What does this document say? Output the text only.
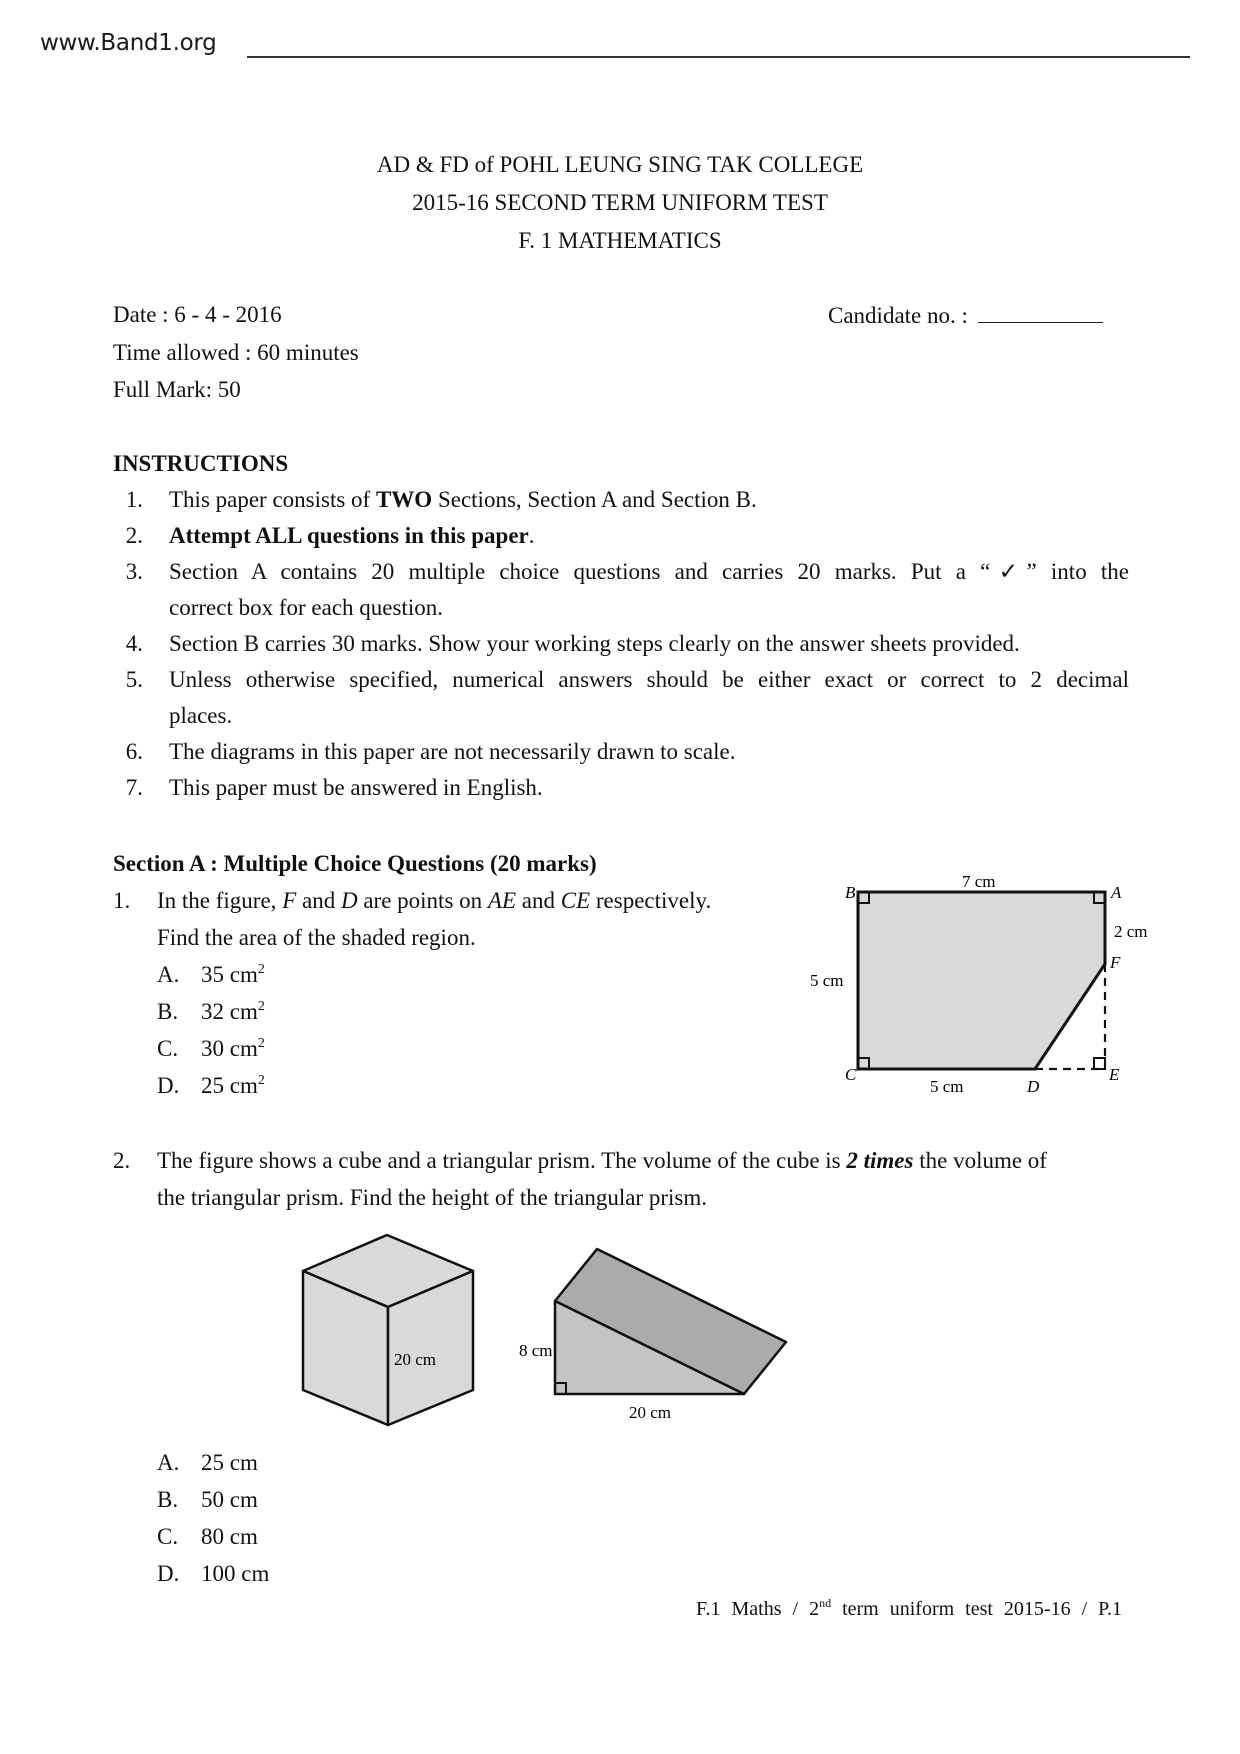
www.Band1.org
AD & FD of POHL LEUNG SING TAK COLLEGE
2015-16 SECOND TERM UNIFORM TEST
F. 1 MATHEMATICS
Date : 6 - 4 - 2016	Candidate no. :
Time allowed : 60 minutes
Full Mark: 50
INSTRUCTIONS
1. This paper consists of TWO Sections, Section A and Section B.
2. Attempt ALL questions in this paper.
3. Section A contains 20 multiple choice questions and carries 20 marks. Put a “✓” into the
correct box for each question.
4. Section B carries 30 marks. Show your working steps clearly on the answer sheets provided.
5. Unless otherwise specified, numerical answers should be either exact or correct to 2 decimal
places.
6. The diagrams in this paper are not necessarily drawn to scale.
7. This paper must be answered in English.
Section A : Multiple Choice Questions (20 marks)
1. In the figure, F and D are points on AE and CE respectively.
Find the area of the shaded region.
A. 35 $cm^2$
B. 32 $cm^2$
C. 30 $cm^2$
D. 25 $cm^2$
B	A
C
D
E
F
7 cm
2 cm
5 cm
5 cm
2. The figure shows a cube and a triangular prism. The volume of the cube is 2 times the volume of
the triangular prism. Find the height of the triangular prism.
20 cm	8 cm
20 cm
A. 25 cm
B. 50 cm
C. 80 cm
D. 100 cm
F.1 Maths / 2nd term uniform test 2015-16 / P.1
